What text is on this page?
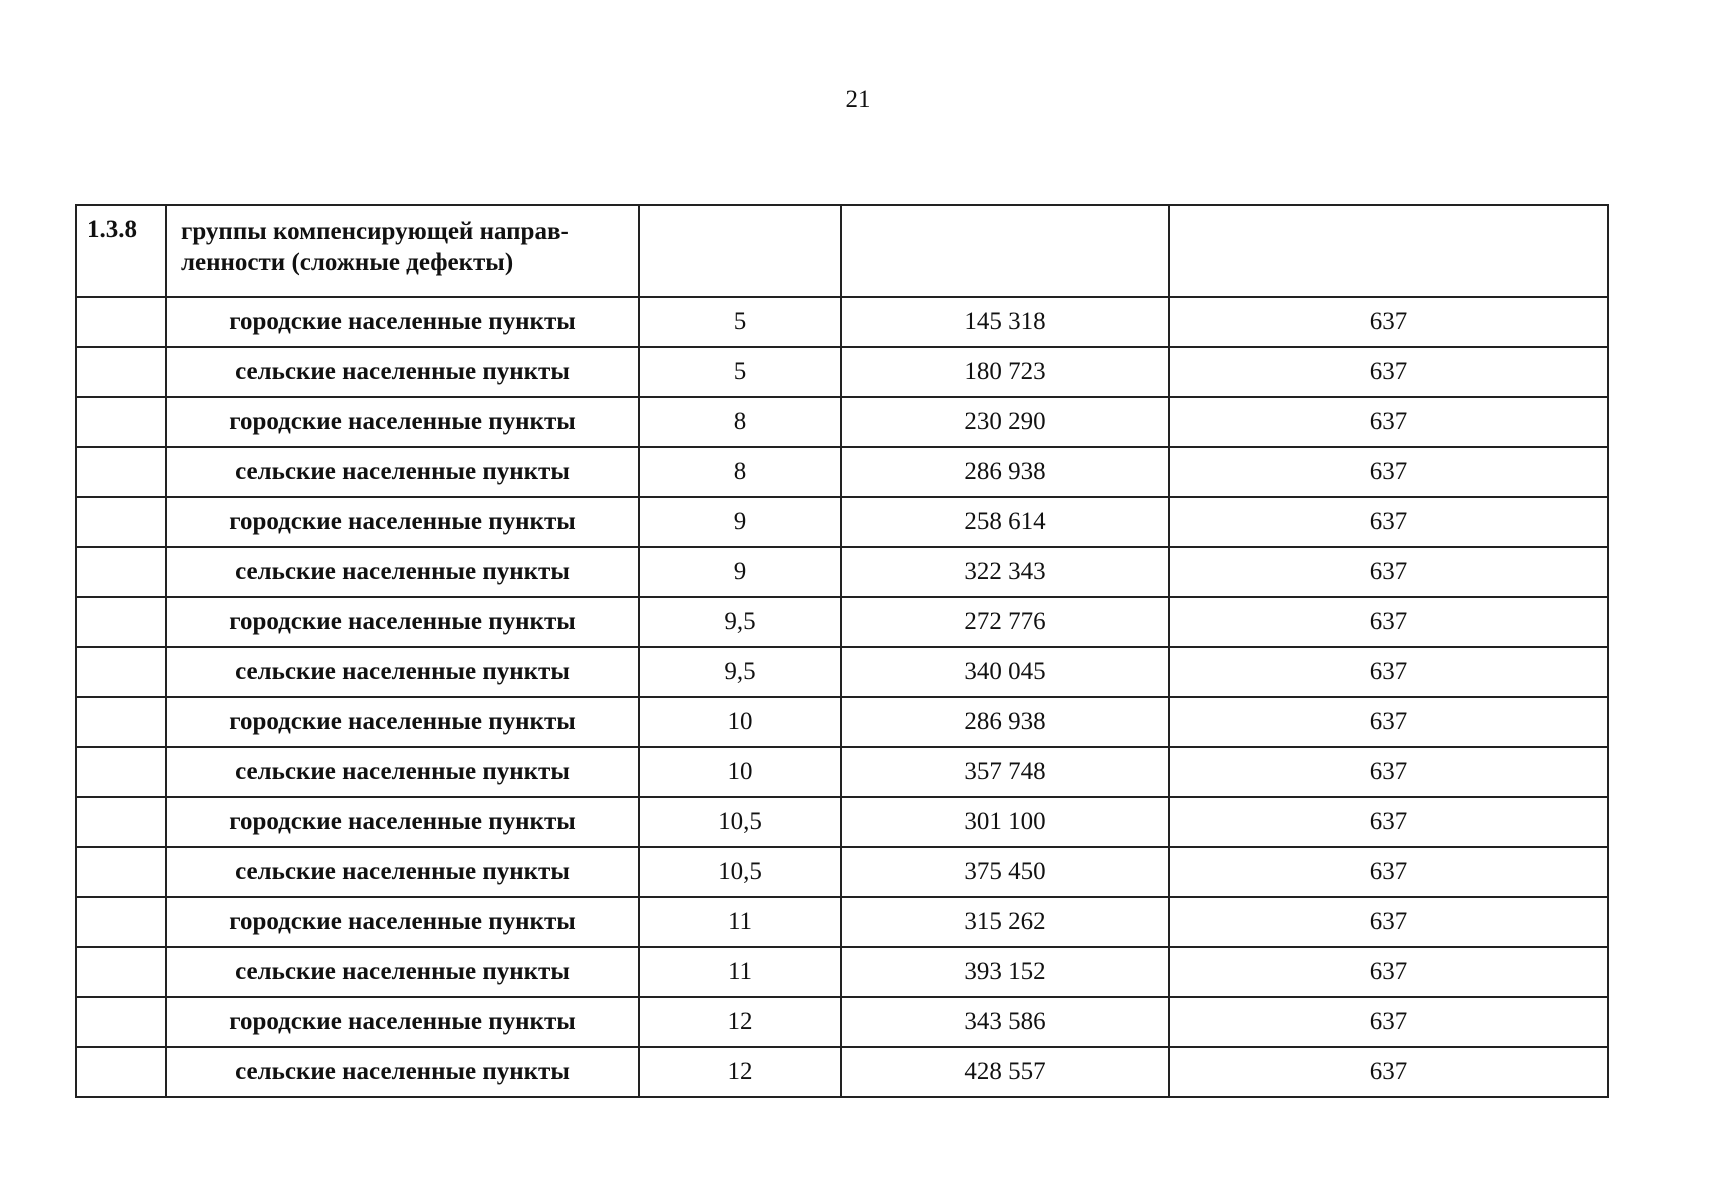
21
1.3.8	группы компенсирующей направ-
ленности (сложные дефекты)			

	городские населенные пункты	5	145 318	637
	сельские населенные пункты	5	180 723	637
	городские населенные пункты	8	230 290	637
	сельские населенные пункты	8	286 938	637
	городские населенные пункты	9	258 614	637
	сельские населенные пункты	9	322 343	637
	городские населенные пункты	9,5	272 776	637
	сельские населенные пункты	9,5	340 045	637
	городские населенные пункты	10	286 938	637
	сельские населенные пункты	10	357 748	637
	городские населенные пункты	10,5	301 100	637
	сельские населенные пункты	10,5	375 450	637
	городские населенные пункты	11	315 262	637
	сельские населенные пункты	11	393 152	637
	городские населенные пункты	12	343 586	637
	сельские населенные пункты	12	428 557	637
